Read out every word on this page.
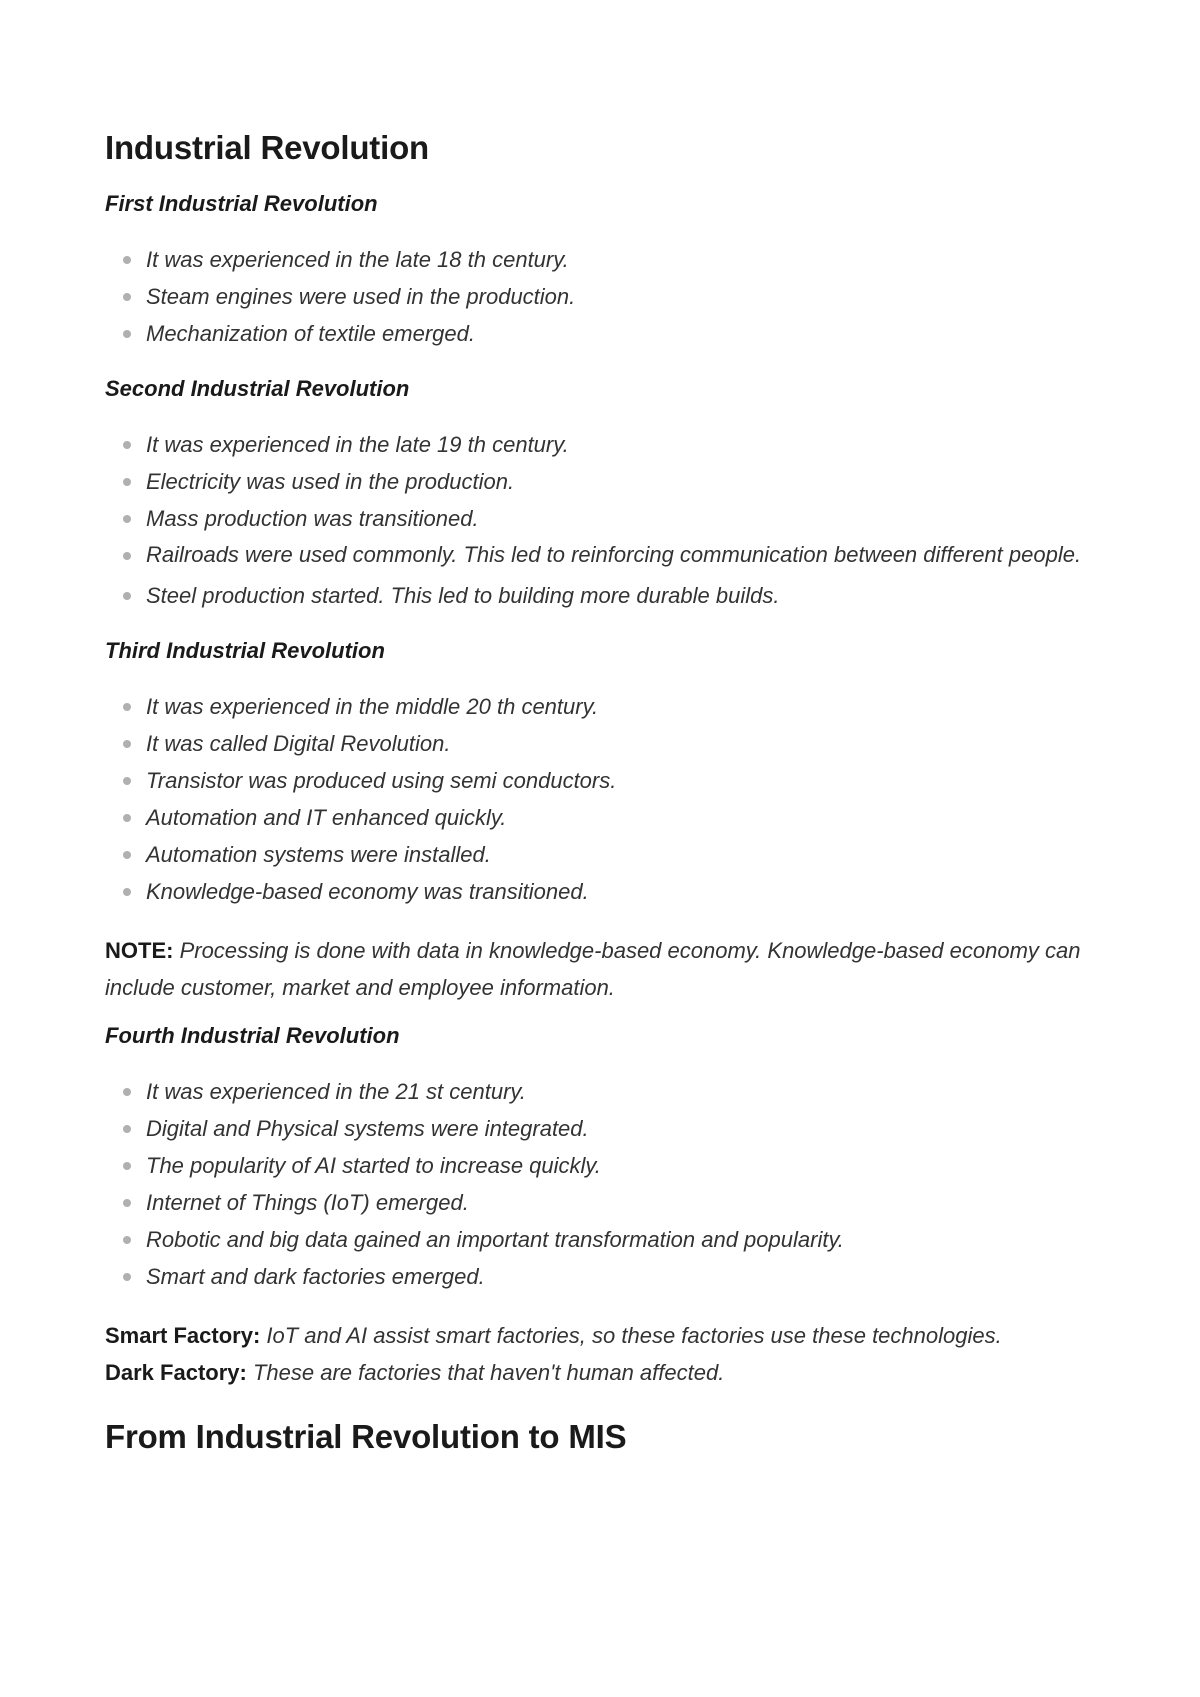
Industrial Revolution
First Industrial Revolution
It was experienced in the late 18 th century.
Steam engines were used in the production.
Mechanization of textile emerged.
Second Industrial Revolution
It was experienced in the late 19 th century.
Electricity was used in the production.
Mass production was transitioned.
Railroads were used commonly. This led to reinforcing communication between different people.
Steel production started. This led to building more durable builds.
Third Industrial Revolution
It was experienced in the middle 20 th century.
It was called Digital Revolution.
Transistor was produced using semi conductors.
Automation and IT enhanced quickly.
Automation systems were installed.
Knowledge-based economy was transitioned.

NOTE: Processing is done with data in knowledge-based economy. Knowledge-based economy can include customer, market and employee information.

Fourth Industrial Revolution
It was experienced in the 21 st century.
Digital and Physical systems were integrated.
The popularity of AI started to increase quickly.
Internet of Things (IoT) emerged.
Robotic and big data gained an important transformation and popularity.
Smart and dark factories emerged.

Smart Factory: IoT and AI assist smart factories, so these factories use these technologies.

Dark Factory: These are factories that haven't human affected.

From Industrial Revolution to MIS
